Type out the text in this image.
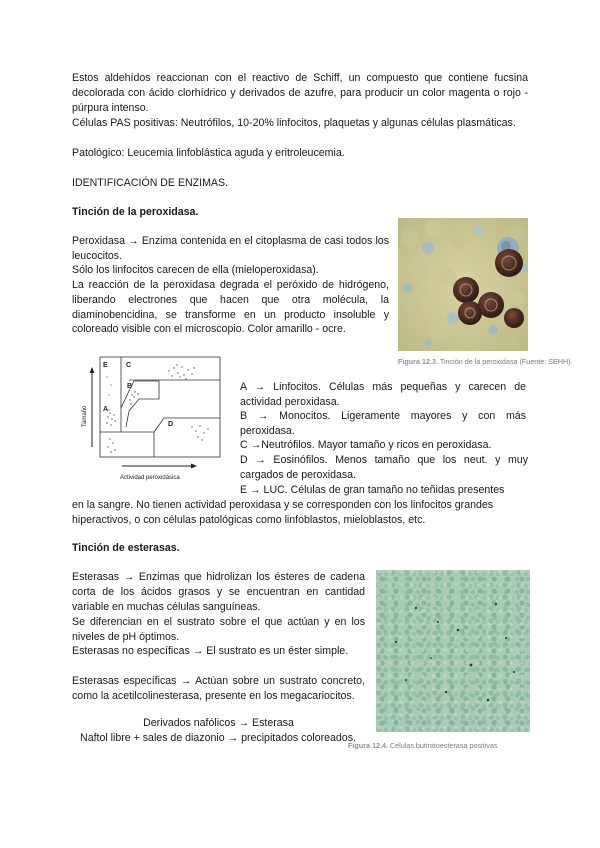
Estos aldehídos reaccionan con el reactivo de Schiff, un compuesto que contiene fucsina decolorada con ácido clorhídrico y derivados de azufre, para producir un color magenta o rojo - púrpura intenso.

Células PAS positivas: Neutrófilos, 10-20% linfocitos, plaquetas y algunas células plasmáticas.

Patológico: Leucemia linfoblástica aguda y eritroleucemia.

IDENTIFICACIÓN DE ENZIMAS.

Tinción de la peroxidasa.

Peroxidasa → Enzima contenida en el citoplasma de casi todos los leucocitos.

Sólo los linfocitos carecen de ella (mieloperoxidasa).

La reacción de la peroxidasa degrada el peróxido de hidrógeno, liberando electrones que hacen que otra molécula, la diaminobencidina, se transforme en un producto insoluble y coloreado visible con el microscopio. Color amarillo - ocre.

Figura 12.3. Tinción de la peroxidasa (Fuente: SEHH).
E	C
B
A
D
Tamaño
Actividad peroxidásica

A → Linfocitos. Células más pequeñas y carecen de actividad peroxidasa.

B → Monocitos. Ligeramente mayores y con más peroxidasa.

C →Neutrófilos. Mayor tamaño y ricos en peroxidasa.

D → Eosinófilos. Menos tamaño que los neut. y muy cargados de peroxidasa.

E → LUC. Células de gran tamaño no teñidas presentes

en la sangre. No tienen actividad peroxidasa y se corresponden con los linfocitos grandes hiperactivos, o con células patológicas como linfoblastos, mieloblastos, etc.

Tinción de esterasas.

Esterasas → Enzimas que hidrolizan los ésteres de cadena corta de los ácidos grasos y se encuentran en cantidad variable en muchas células sanguíneas.

Se diferencian en el sustrato sobre el que actúan y en los niveles de pH óptimos.

Esterasas no específicas → El sustrato es un éster simple.

Esterasas específicas → Actúan sobre un sustrato concreto, como la acetilcolinesterasa, presente en los megacariocitos.

Derivados nafólicos → Esterasa

Naftol libre + sales de diazonio → precipitados coloreados.

Figura 12.4. Células butiratoesterasa positivas
